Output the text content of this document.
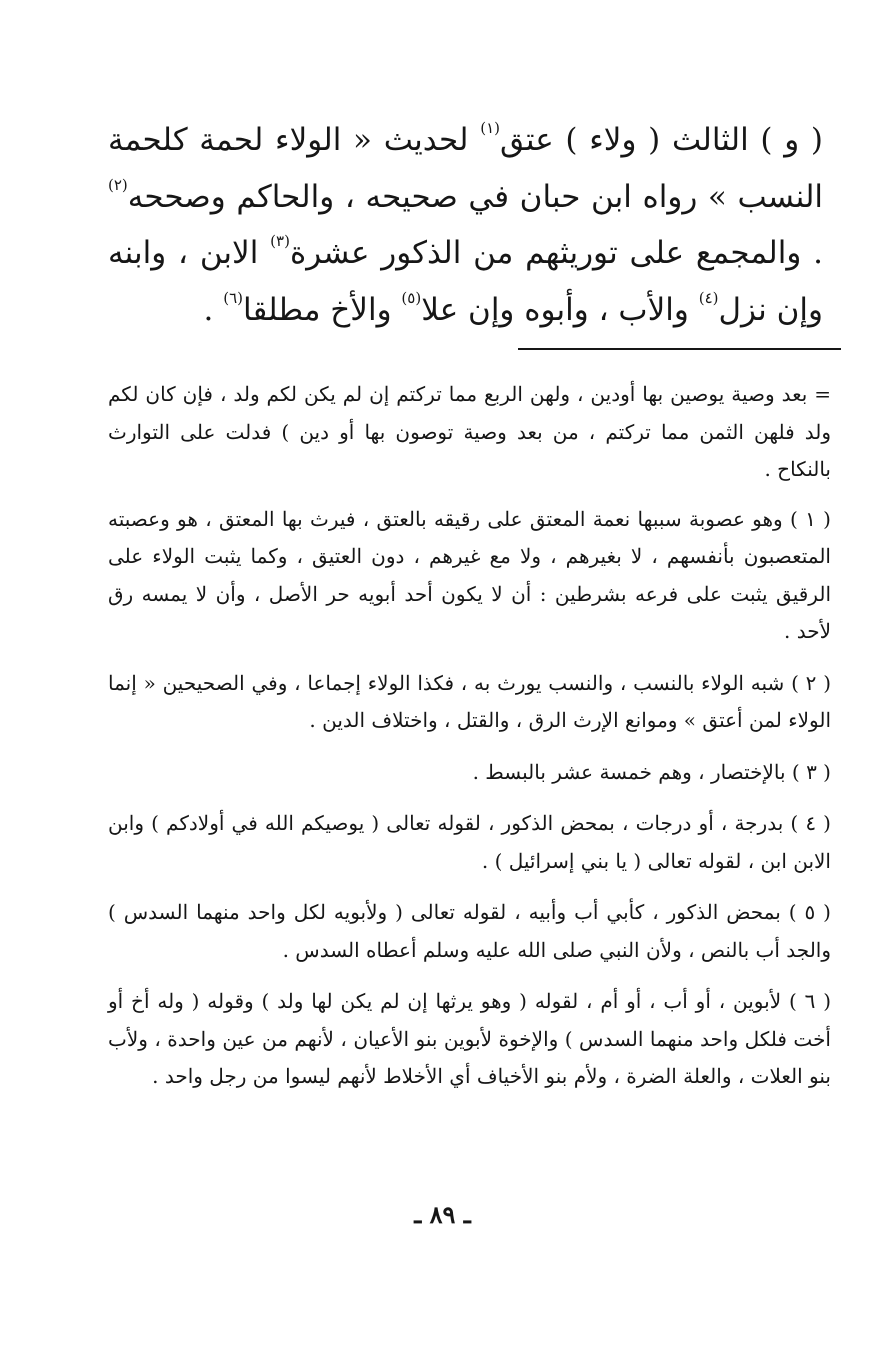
( و ) الثالث ( ولاء ) عتق$^{(١)}$ لحديث « الولاء لحمة كلحمة النسب » رواه ابن حبان في صحيحه ، والحاكم وصححه$^{(٢)}$ . والمجمع على توريثهم من الذكور عشرة$^{(٣)}$ الابن ، وابنه وإن نزل$^{(٤)}$ والأب ، وأبوه وإن علا$^{(٥)}$ والأخ مطلقا$^{(٦)}$ .

= بعد وصية يوصين بها أودين ، ولهن الربع مما تركتم إن لم يكن لكم ولد ، فإن كان لكم ولد فلهن الثمن مما تركتم ، من بعد وصية توصون بها أو دين ) فدلت على التوارث بالنكاح .

( ١ ) وهو عصوبة سببها نعمة المعتق على رقيقه بالعتق ، فيرث بها المعتق ، هو وعصبته المتعصبون بأنفسهم ، لا بغيرهم ، ولا مع غيرهم ، دون العتيق ، وكما يثبت الولاء على الرقيق يثبت على فرعه بشرطين : أن لا يكون أحد أبويه حر الأصل ، وأن لا يمسه رق لأحد .

( ٢ ) شبه الولاء بالنسب ، والنسب يورث به ، فكذا الولاء إجماعا ، وفي الصحيحين « إنما الولاء لمن أعتق » وموانع الإرث الرق ، والقتل ، واختلاف الدين .

( ٣ ) بالإختصار ، وهم خمسة عشر بالبسط .

( ٤ ) بدرجة ، أو درجات ، بمحض الذكور ، لقوله تعالى ( يوصيكم الله في أولادكم ) وابن الابن ابن ، لقوله تعالى ( يا بني إسرائيل ) .

( ٥ ) بمحض الذكور ، كأبي أب وأبيه ، لقوله تعالى ( ولأبويه لكل واحد منهما السدس ) والجد أب بالنص ، ولأن النبي صلى الله عليه وسلم أعطاه السدس .

( ٦ ) لأبوين ، أو أب ، أو أم ، لقوله ( وهو يرثها إن لم يكن لها ولد ) وقوله ( وله أخ أو أخت فلكل واحد منهما السدس ) والإخوة لأبوين بنو الأعيان ، لأنهم من عين واحدة ، ولأب بنو العلات ، والعلة الضرة ، ولأم بنو الأخياف أي الأخلاط لأنهم ليسوا من رجل واحد .

ـ ٨٩ ـ
